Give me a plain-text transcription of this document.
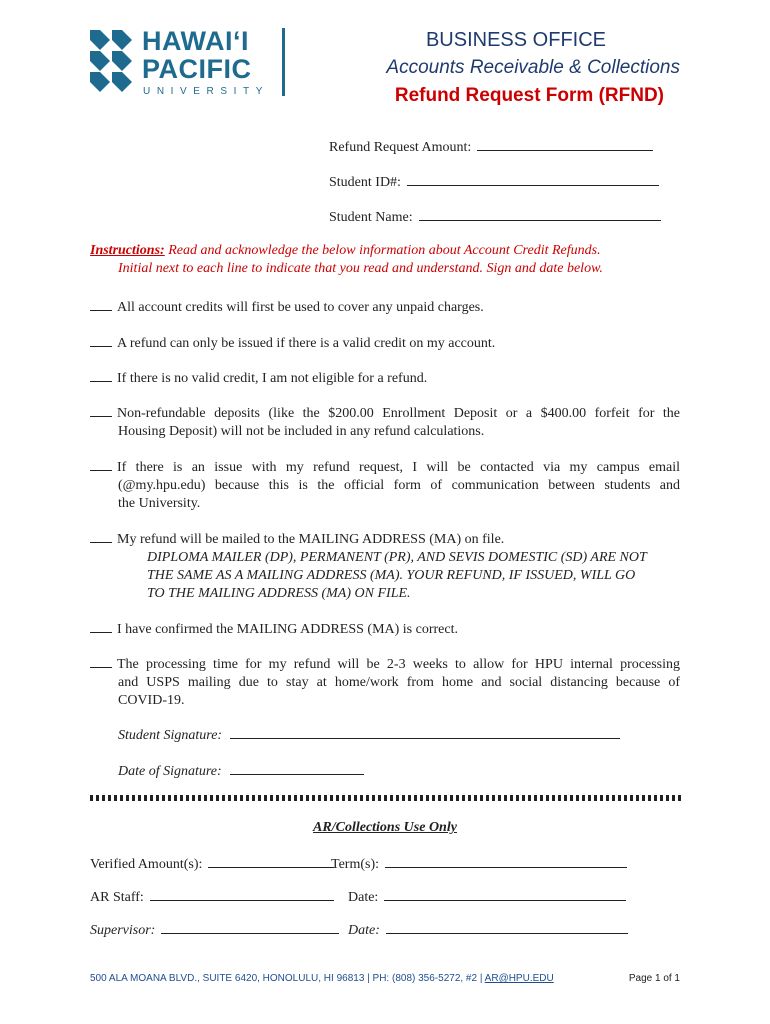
HAWAI‘I
PACIFIC
UNIVERSITY
BUSINESS OFFICE
Accounts Receivable & Collections
Refund Request Form (RFND)
Refund Request Amount:
Student ID#:
Student Name:
Instructions: Read and acknowledge the below information about Account Credit Refunds.
Initial next to each line to indicate that you read and understand. Sign and date below.
All account credits will first be used to cover any unpaid charges.
A refund can only be issued if there is a valid credit on my account.
If there is no valid credit, I am not eligible for a refund.
Non-refundable deposits (like the $200.00 Enrollment Deposit or a $400.00 forfeit for the
Housing Deposit) will not be included in any refund calculations.
If there is an issue with my refund request, I will be contacted via my campus email
(@my.hpu.edu) because this is the official form of communication between students and
the University.
My refund will be mailed to the MAILING ADDRESS (MA) on file.
DIPLOMA MAILER (DP), PERMANENT (PR), AND SEVIS DOMESTIC (SD) ARE NOT
THE SAME AS A MAILING ADDRESS (MA). YOUR REFUND, IF ISSUED, WILL GO
TO THE MAILING ADDRESS (MA) ON FILE.
I have confirmed the MAILING ADDRESS (MA) is correct.
The processing time for my refund will be 2-3 weeks to allow for HPU internal processing
and USPS mailing due to stay at home/work from home and social distancing because of
COVID-19.
Student Signature:
Date of Signature:
AR/Collections Use Only
Verified Amount(s):	Term(s):
AR Staff:	Date:
Supervisor:	Date:
500 ALA MOANA BLVD., SUITE 6420, HONOLULU, HI 96813 | PH: (808) 356-5272, #2 | AR@HPU.EDU	Page 1 of 1
